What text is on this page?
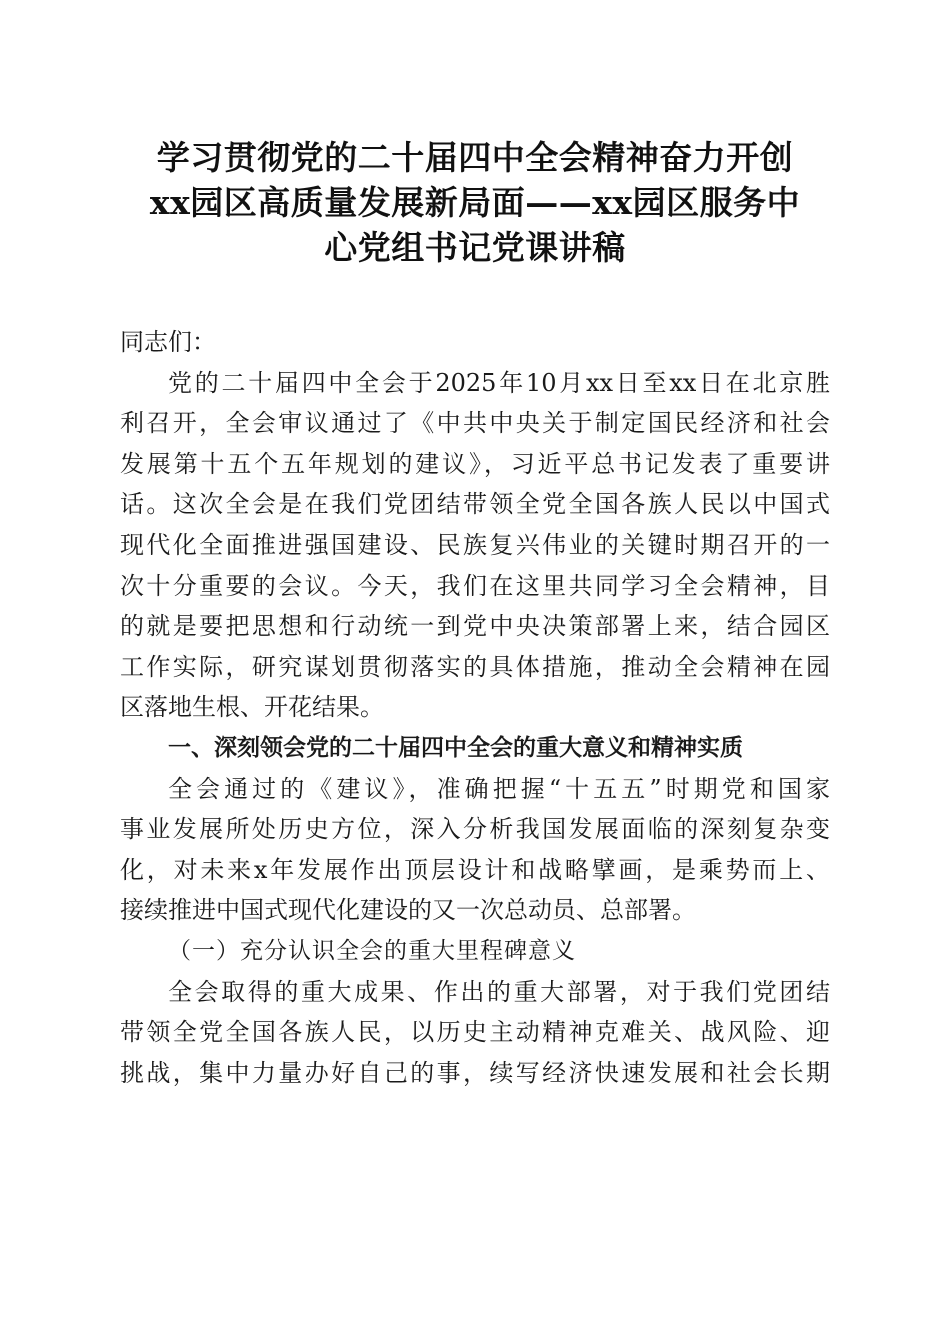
学习贯彻党的二十届四中全会精神奋力开创
xx园区高质量发展新局面——xx园区服务中
心党组书记党课讲稿
同志们：
党的二十届四中全会于2025年10月xx日至xx日在北京胜
利召开，全会审议通过了《中共中央关于制定国民经济和社会
发展第十五个五年规划的建议》，习近平总书记发表了重要讲
话。这次全会是在我们党团结带领全党全国各族人民以中国式
现代化全面推进强国建设、民族复兴伟业的关键时期召开的一
次十分重要的会议。今天，我们在这里共同学习全会精神，目
的就是要把思想和行动统一到党中央决策部署上来，结合园区
工作实际，研究谋划贯彻落实的具体措施，推动全会精神在园
区落地生根、开花结果。
一、深刻领会党的二十届四中全会的重大意义和精神实质
全会通过的《建议》，准确把握“十五五”时期党和国家
事业发展所处历史方位，深入分析我国发展面临的深刻复杂变
化，对未来x年发展作出顶层设计和战略擘画，是乘势而上、
接续推进中国式现代化建设的又一次总动员、总部署。
（一）充分认识全会的重大里程碑意义
全会取得的重大成果、作出的重大部署，对于我们党团结
带领全党全国各族人民，以历史主动精神克难关、战风险、迎
挑战，集中力量办好自己的事，续写经济快速发展和社会长期
